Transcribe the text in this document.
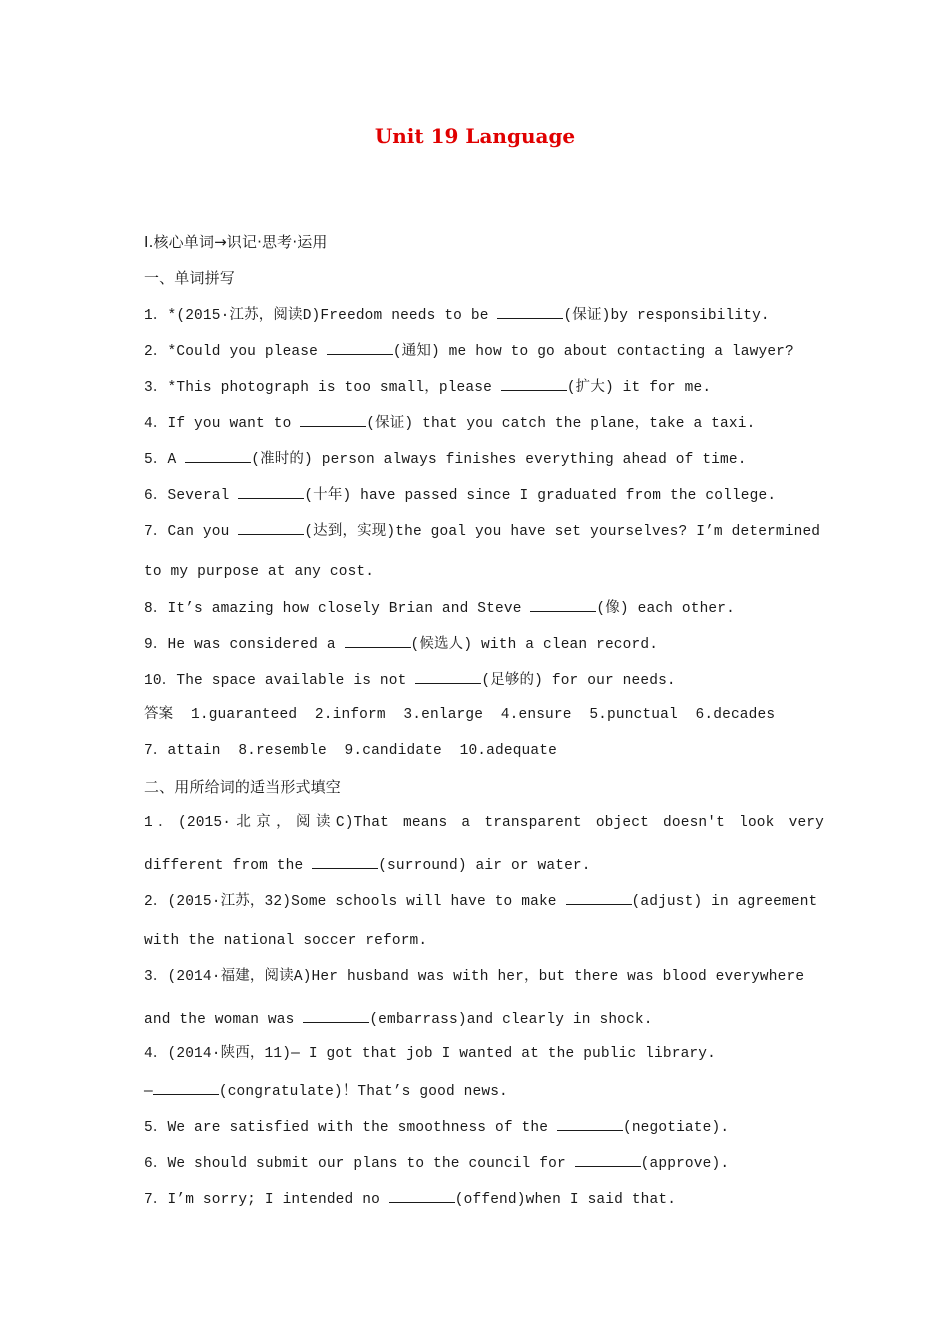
Unit 19 Language
Ⅰ.核心单词→识记·思考·运用
一、单词拼写
1．*(2015·江苏，阅读D)Freedom needs to be	(保证)by responsibility.
2．*Could you please	(通知) me how to go about contacting a lawyer?
3．*This photograph is too small，please	(扩大) it for me.
4．If you want to	(保证) that you catch the plane，take a taxi.
5．A	(准时的) person always finishes everything ahead of time.
6．Several	(十年) have passed since I graduated from the college.
7．Can you	(达到，实现)the goal you have set yourselves? I’m determined
to my purpose at any cost.
8．It’s amazing how closely Brian and Steve	(像) each other.
9．He was considered a	(候选人) with a clean record.
10．The space available is not	(足够的) for our needs.
答案  1.guaranteed  2.inform  3.enlarge  4.ensure  5.punctual  6.decades
7．attain  8.resemble  9.candidate  10.adequate
二、用所给词的适当形式填空
1．(2015·北京，阅读C)That means a transparent object doesn't look very
different from the	(surround) air or water.
2．(2015·江苏，32)Some schools will have to make	(adjust) in agreement
with the national soccer reform.
3．(2014·福建，阅读A)Her husband was with her，but there was blood everywhere
and the woman was	(embarrass)and clearly in shock.
4．(2014·陕西，11)— I got that job I wanted at the public library.
—	(congratulate)！That’s good news.
5．We are satisfied with the smoothness of the	(negotiate).
6．We should submit our plans to the council for	(approve).
7．I’m sorry; I intended no	(offend)when I said that.
